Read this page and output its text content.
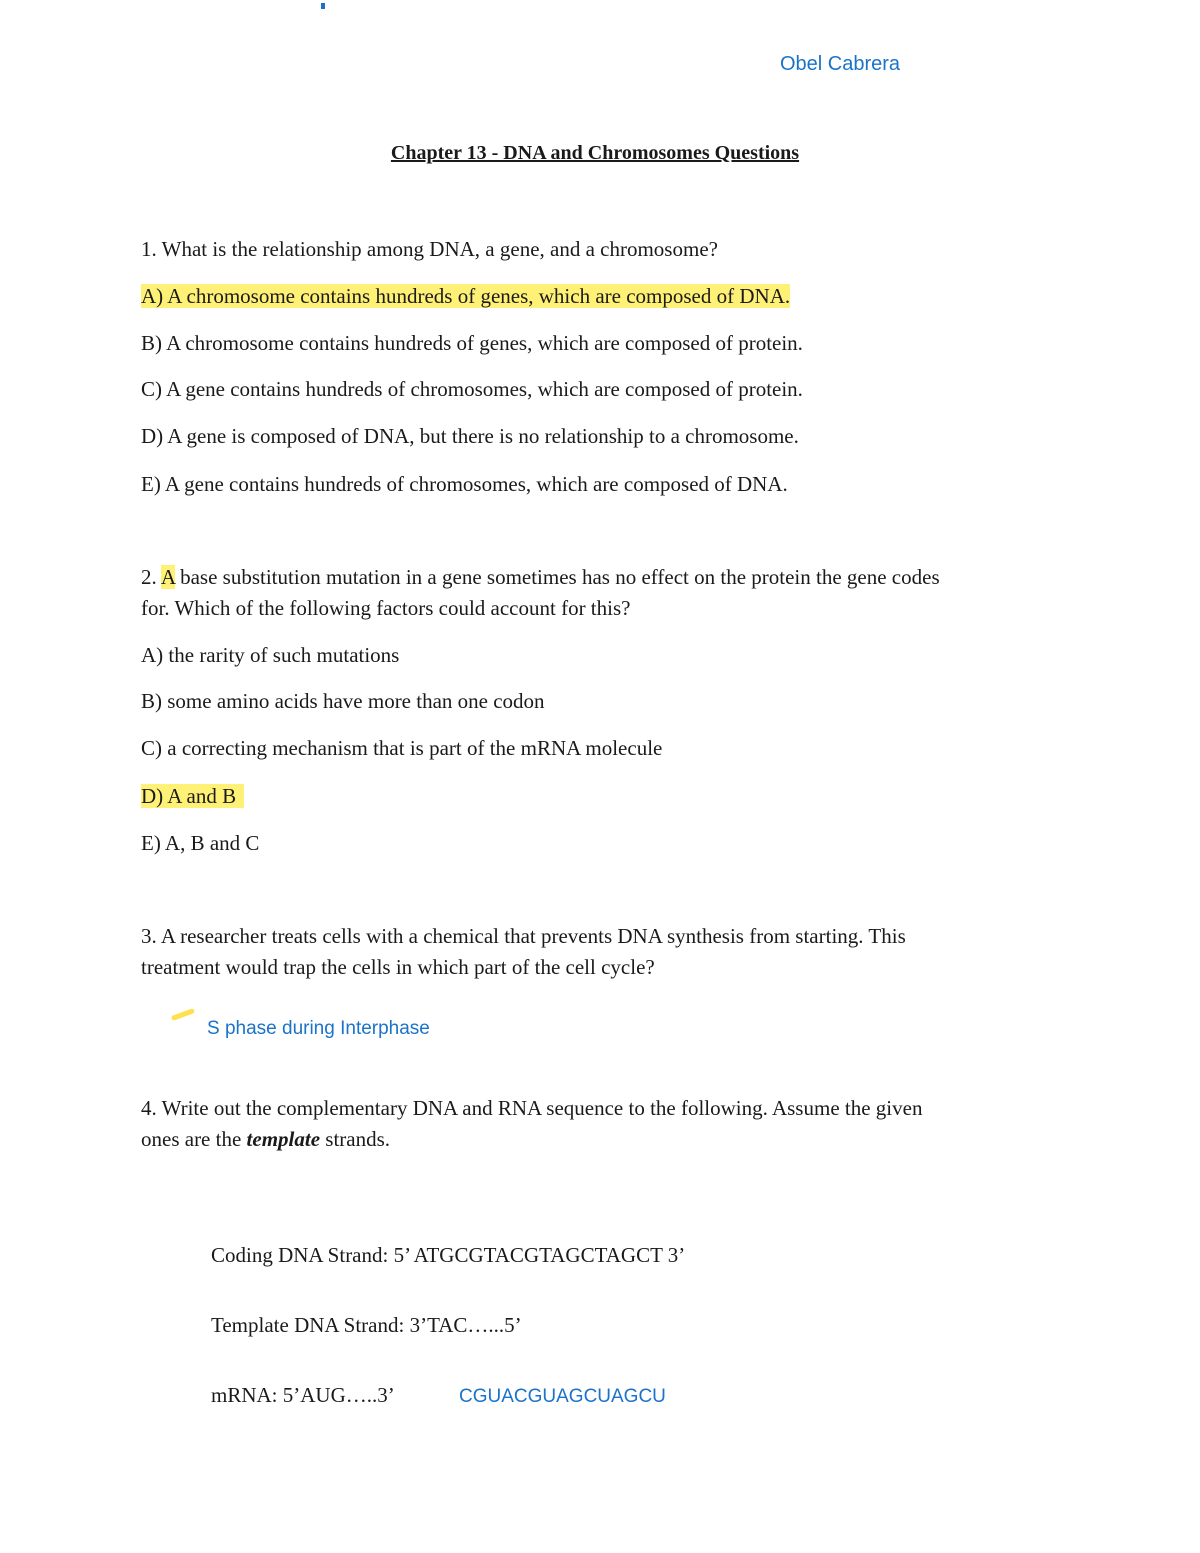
Obel Cabrera
Chapter 13 - DNA and Chromosomes Questions
1. What is the relationship among DNA, a gene, and a chromosome?
A) A chromosome contains hundreds of genes, which are composed of DNA.
B) A chromosome contains hundreds of genes, which are composed of protein.
C) A gene contains hundreds of chromosomes, which are composed of protein.
D) A gene is composed of DNA, but there is no relationship to a chromosome.
E) A gene contains hundreds of chromosomes, which are composed of DNA.
2. A base substitution mutation in a gene sometimes has no effect on the protein the gene codes
for. Which of the following factors could account for this?
A) the rarity of such mutations
B) some amino acids have more than one codon
C) a correcting mechanism that is part of the mRNA molecule
D) A and B
E) A, B and C
3. A researcher treats cells with a chemical that prevents DNA synthesis from starting. This
treatment would trap the cells in which part of the cell cycle?
S phase during Interphase
4. Write out the complementary DNA and RNA sequence to the following. Assume the given
ones are the template strands.
Coding DNA Strand: 5’ ATGCGTACGTAGCTAGCT 3’
Template DNA Strand: 3’TAC…...5’
mRNA: 5’AUG…..3’	CGUACGUAGCUAGCU
